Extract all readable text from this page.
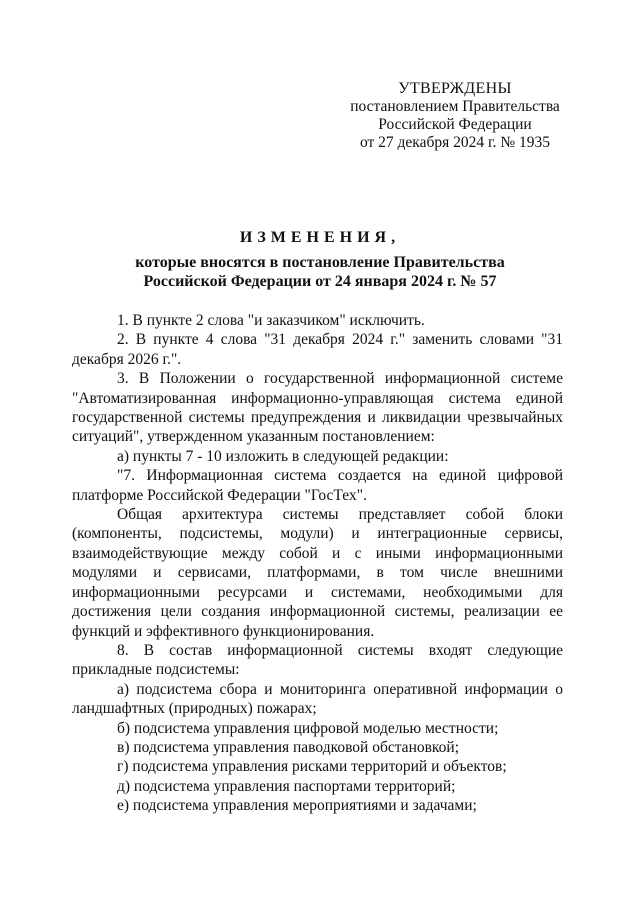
УТВЕРЖДЕНЫ
постановлением Правительства
Российской Федерации
от 27 декабря 2024 г. № 1935
ИЗМЕНЕНИЯ,
которые вносятся в постановление Правительства
Российской Федерации от 24 января 2024 г. № 57

1. В пункте 2 слова "и заказчиком" исключить.

2. В пункте 4 слова "31 декабря 2024 г." заменить словами "31 декабря 2026 г.".

3. В Положении о государственной информационной системе "Автоматизированная информационно-управляющая система единой государственной системы предупреждения и ликвидации чрезвычайных ситуаций", утвержденном указанным постановлением:

а) пункты 7 - 10 изложить в следующей редакции:

"7. Информационная система создается на единой цифровой платформе Российской Федерации "ГосТех".

Общая архитектура системы представляет собой блоки (компоненты, подсистемы, модули) и интеграционные сервисы, взаимодействующие между собой и с иными информационными модулями и сервисами, платформами, в том числе внешними информационными ресурсами и системами, необходимыми для достижения цели создания информационной системы, реализации ее функций и эффективного функционирования.

8. В состав информационной системы входят следующие прикладные подсистемы:

а) подсистема сбора и мониторинга оперативной информации о ландшафтных (природных) пожарах;

б) подсистема управления цифровой моделью местности;

в) подсистема управления паводковой обстановкой;

г) подсистема управления рисками территорий и объектов;

д) подсистема управления паспортами территорий;

е) подсистема управления мероприятиями и задачами;
